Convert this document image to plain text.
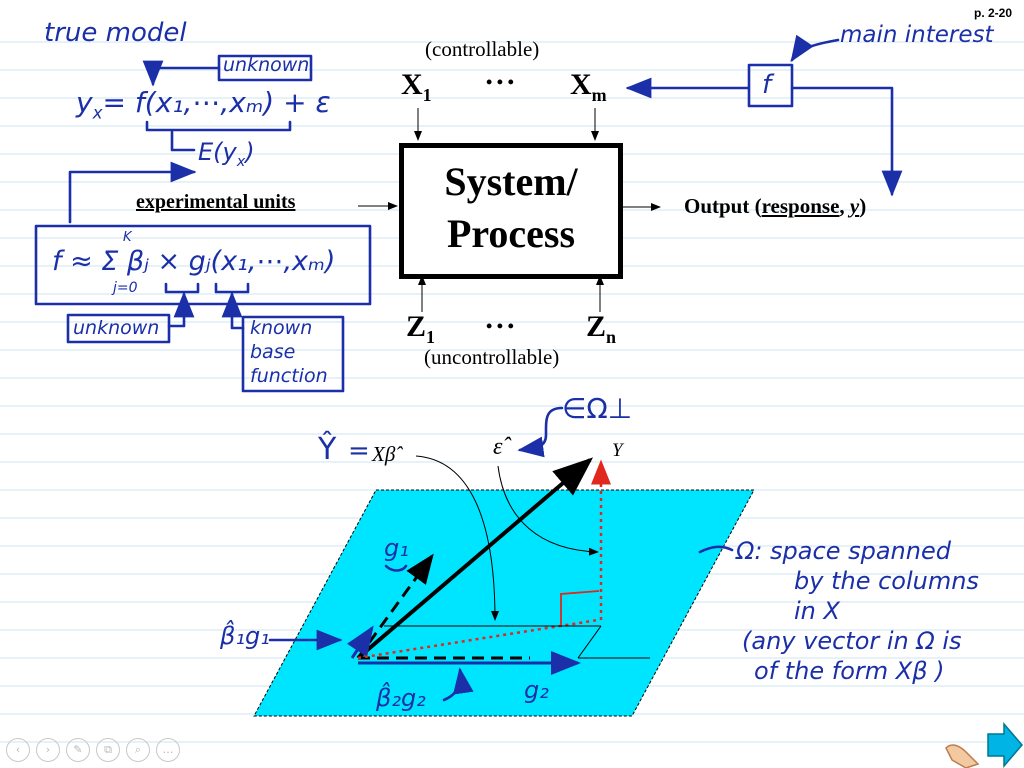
p. 2-20
true model
unknown
$y_x=$ f(x₁,⋯,xₘ) + ε
$E(y_x)$
K
f ≈ Σ βⱼ × gⱼ(x₁,⋯,xₘ)
j=0
unknown	known
base
function
(controllable)
$X_1$
• • • $X_m$
System/
Process
experimental units	Output (response, y)
$Z_1$
• • • $Z_n$
(uncontrollable)
f
main interest
Ŷ = Xβ̂	ε̂
∈Ω⊥
Y
g₁
g₂
β̂₁g₁
β̂₂g₂
Ω: space spanned
by the columns
in X
(any vector in Ω is
of the form Xβ )
‹	›	✎	⧉	⌕	…
